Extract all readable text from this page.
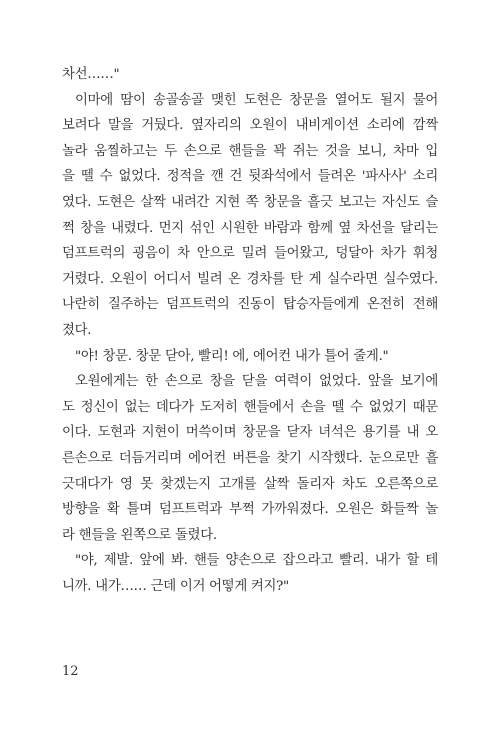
차선……"
이마에 땀이 송골송골 맺힌 도현은 창문을 열어도 될지 물어
보려다 말을 거뒀다. 옆자리의 오원이 내비게이션 소리에 깜짝
놀라 움찔하고는 두 손으로 핸들을 꽉 쥐는 것을 보니, 차마 입
을 뗄 수 없었다. 정적을 깬 건 뒷좌석에서 들려온 '파사사' 소리
였다. 도현은 살짝 내려간 지현 쪽 창문을 흘긋 보고는 자신도 슬
쩍 창을 내렸다. 먼지 섞인 시원한 바람과 함께 옆 차선을 달리는
덤프트럭의 굉음이 차 안으로 밀려 들어왔고, 덩달아 차가 휘청
거렸다. 오원이 어디서 빌려 온 경차를 탄 게 실수라면 실수였다.
나란히 질주하는 덤프트럭의 진동이 탑승자들에게 온전히 전해
졌다.
"야! 창문. 창문 닫아, 빨리! 에, 에어컨 내가 틀어 줄게."
오원에게는 한 손으로 창을 닫을 여력이 없었다. 앞을 보기에
도 정신이 없는 데다가 도저히 핸들에서 손을 뗄 수 없었기 때문
이다. 도현과 지현이 머쓱이며 창문을 닫자 녀석은 용기를 내 오
른손으로 더듬거리며 에어컨 버튼을 찾기 시작했다. 눈으로만 흘
긋대다가 영 못 찾겠는지 고개를 살짝 돌리자 차도 오른쪽으로
방향을 확 틀며 덤프트럭과 부쩍 가까워졌다. 오원은 화들짝 놀
라 핸들을 왼쪽으로 돌렸다.
"야, 제발. 앞에 봐. 핸들 양손으로 잡으라고 빨리. 내가 할 테
니까. 내가…… 근데 이거 어떻게 켜지?"
12
